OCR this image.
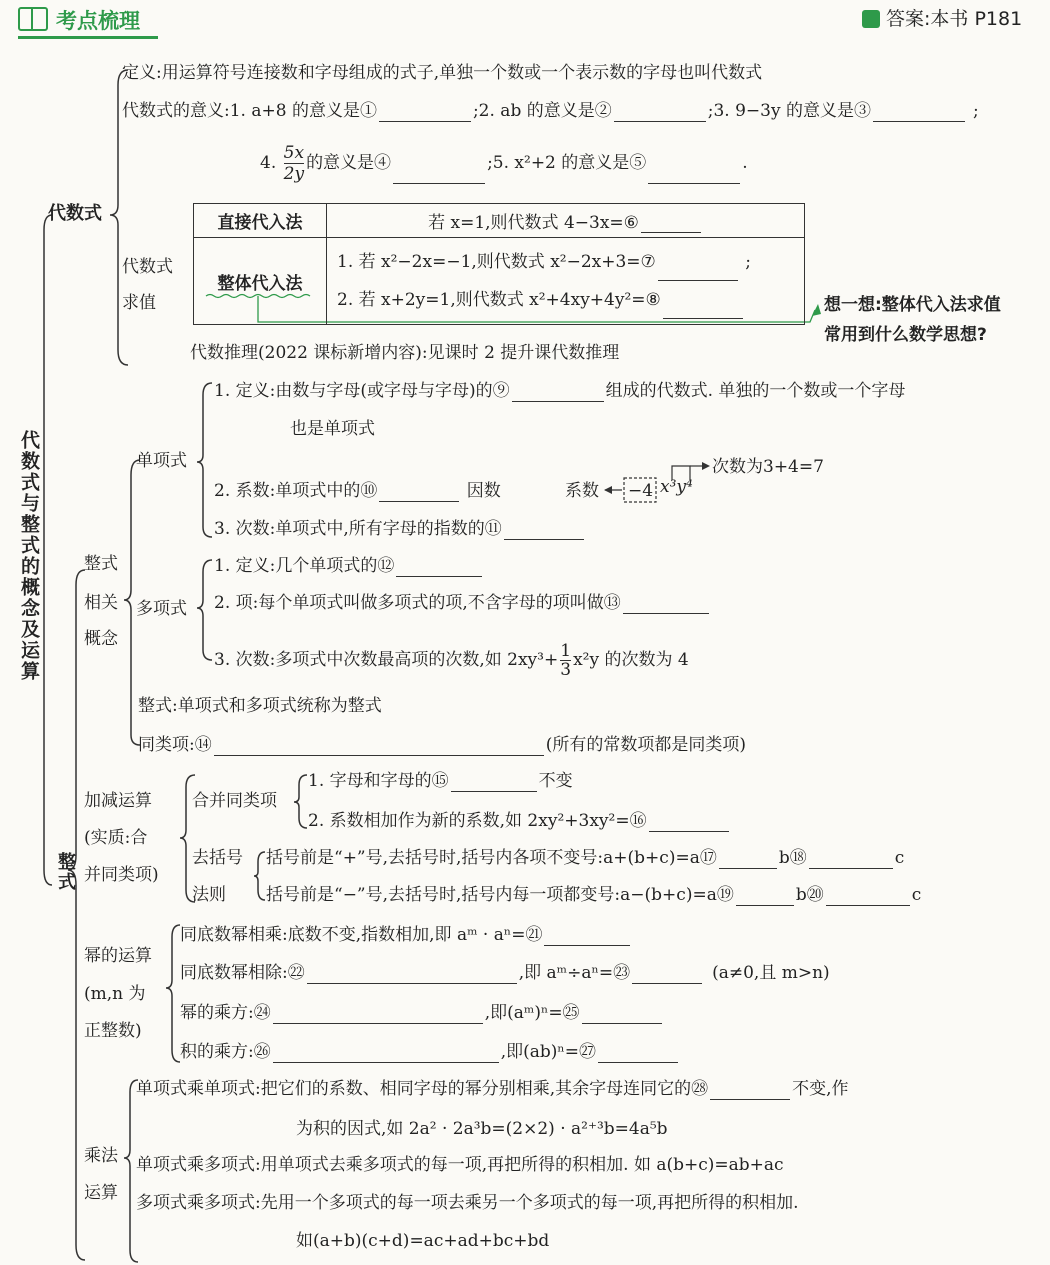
考点梳理	答案:本书 P181
代数式与整式的概念及运算
代数式
定义:用运算符号连接数和字母组成的式子,单独一个数或一个表示数的字母也叫代数式
代数式的意义:1. a+8 的意义是①	;2. ab 的意义是②	;3. 9−3y 的意义是③	;
4. $\frac{5x}{2y}$ 的意义是④	;5. x²+2 的意义是⑤	.
代数式
求值
直接代入法	若 x=1,则代数式 4−3x=⑥
整体代入法	1. 若 x²−2x=−1,则代数式 x²−2x+3=⑦ ;
2. 若 x+2y=1,则代数式 x²+4xy+4y²=⑧	想一想:整体代入法求值
常用到什么数学思想?
代数推理(2022 课标新增内容):见课时 2 提升课代数推理
整式
整式
相关
概念
单项式
1. 定义:由数与字母(或字母与字母)的⑨	组成的代数式. 单独的一个数或一个字母
也是单项式
2. 系数:单项式中的⑩	因数	系数 −4 x³y⁴
次数为3+4=7
3. 次数:单项式中,所有字母的指数的⑪
多项式
1. 定义:几个单项式的⑫
2. 项:每个单项式叫做多项式的项,不含字母的项叫做⑬
3. 次数:多项式中次数最高项的次数,如 $2xy^3+ \frac{1}{3} x^2y$ 的次数为 4
整式:单项式和多项式统称为整式
同类项:⑭	(所有的常数项都是同类项)
加减运算
(实质:合
并同类项)
合并同类项
1. 字母和字母的⑮	不变
2. 系数相加作为新的系数,如 2xy²+3xy²=⑯
去括号
法则
括号前是“+”号,去括号时,括号内各项不变号:a+(b+c)=a⑰	b⑱	c
括号前是“−”号,去括号时,括号内每一项都变号:a−(b+c)=a⑲	b⑳	c
幂的运算
(m,n 为
正整数)
同底数幂相乘:底数不变,指数相加,即 aᵐ · aⁿ=㉑
同底数幂相除:㉒	,即 aᵐ÷aⁿ=㉓	(a≠0,且 m>n)
幂的乘方:㉔	,即(aᵐ)ⁿ=㉕
积的乘方:㉖	,即(ab)ⁿ=㉗
乘法
运算
单项式乘单项式:把它们的系数、相同字母的幂分别相乘,其余字母连同它的㉘	不变,作
为积的因式,如 2a² · 2a³b=(2×2) · a²⁺³b=4a⁵b
单项式乘多项式:用单项式去乘多项式的每一项,再把所得的积相加. 如 a(b+c)=ab+ac
多项式乘多项式:先用一个多项式的每一项去乘另一个多项式的每一项,再把所得的积相加.
如(a+b)(c+d)=ac+ad+bc+bd
